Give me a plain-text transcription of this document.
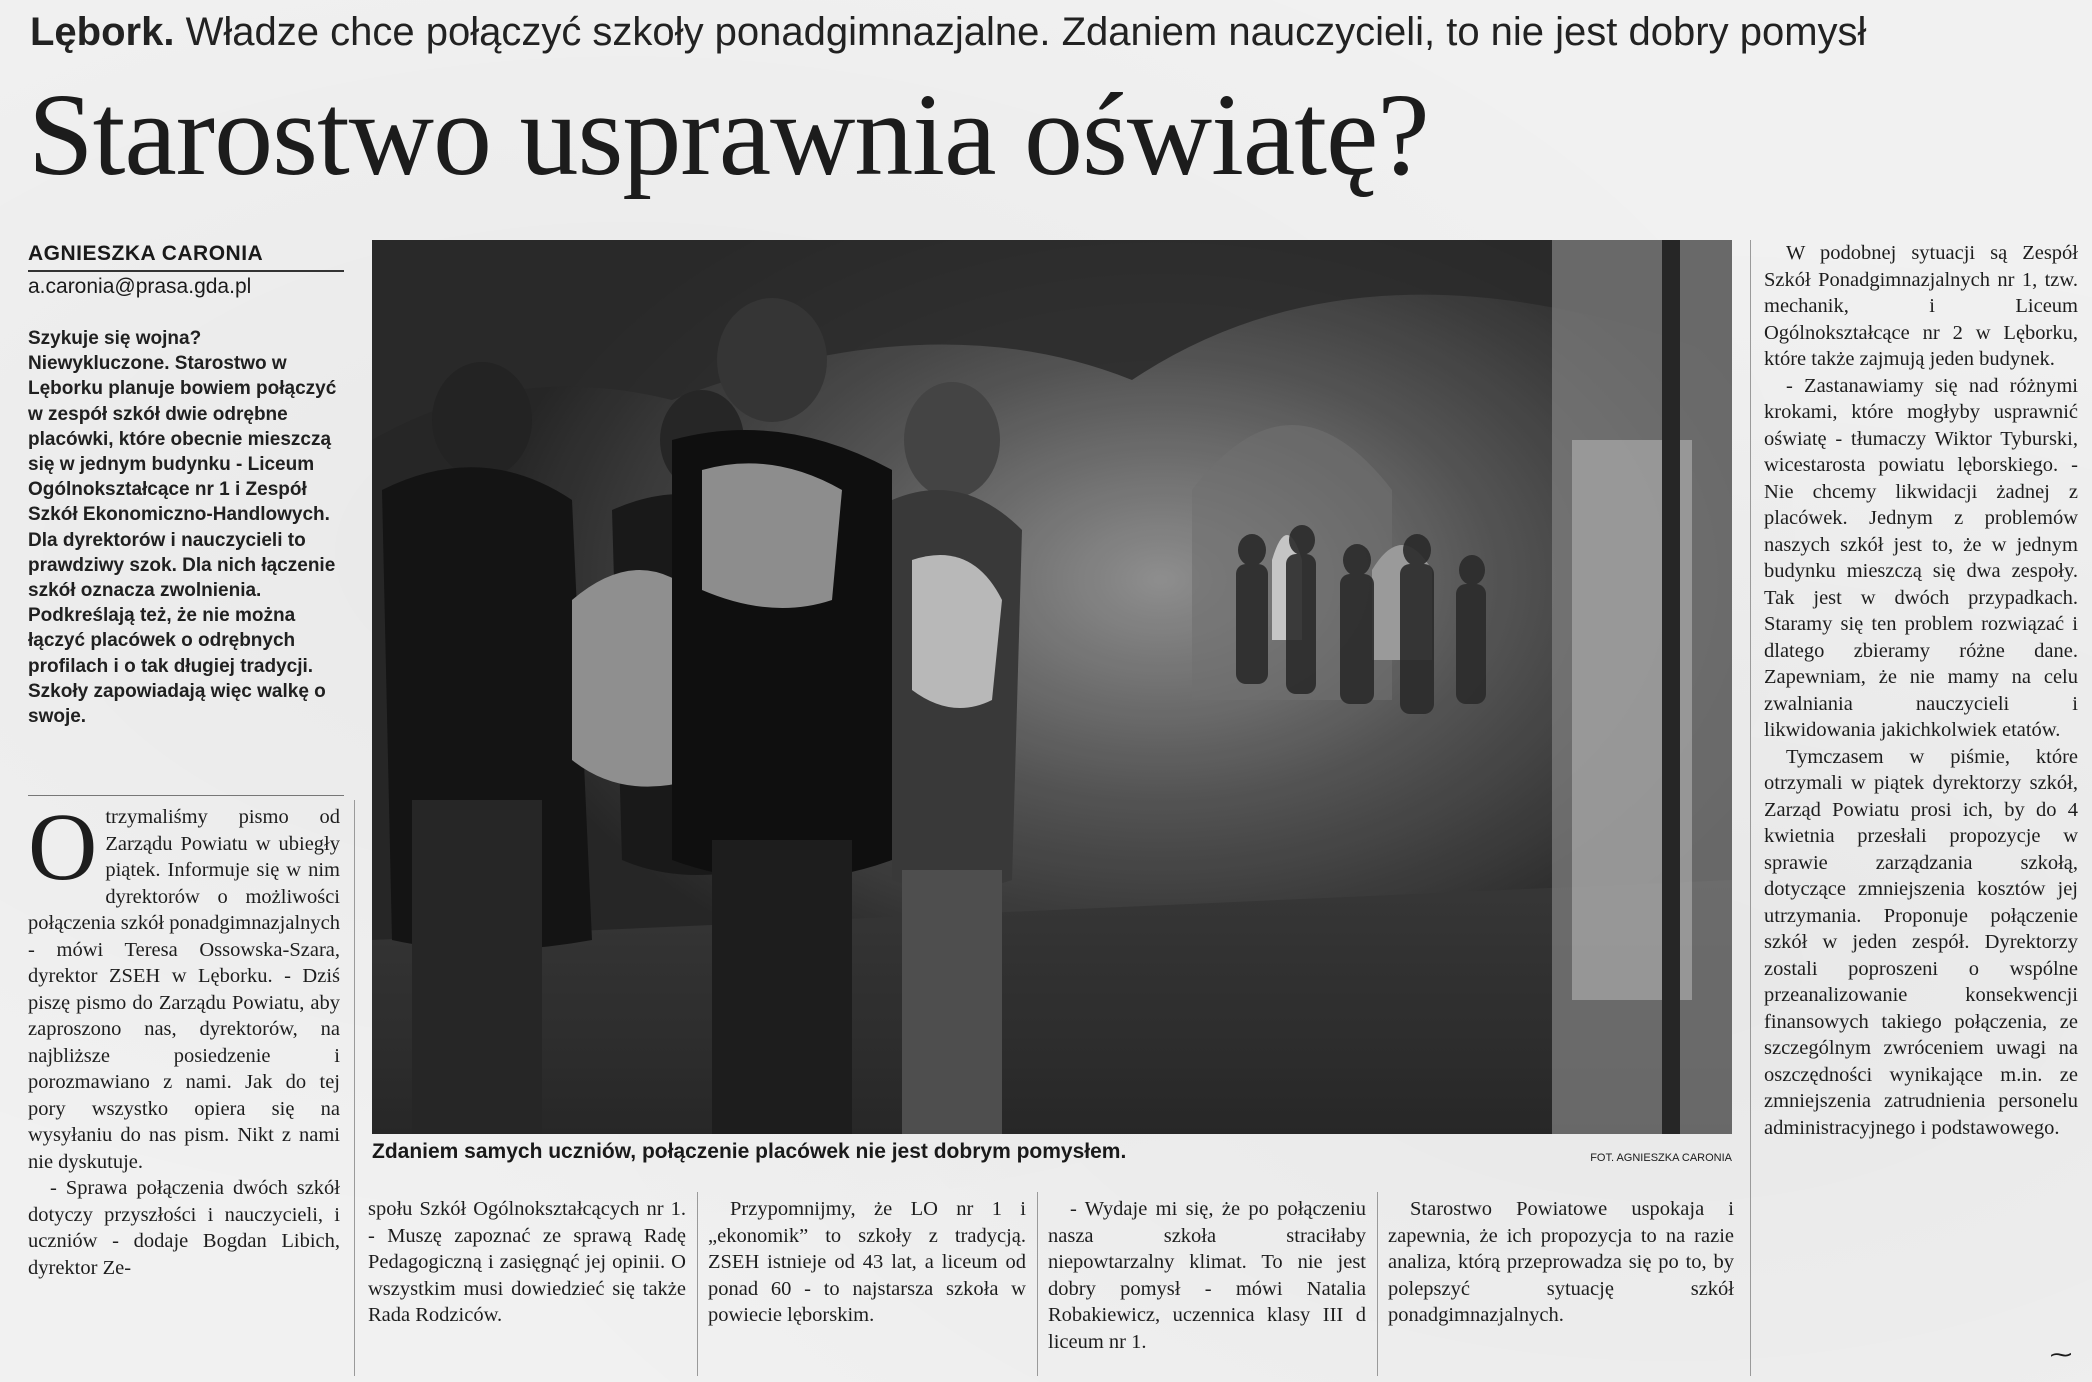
Lębork. Władze chce połączyć szkoły ponadgimnazjalne. Zdaniem nauczycieli, to nie jest dobry pomysł
Starostwo usprawnia oświatę?

AGNIESZKA CARONIA
a.caronia@prasa.gda.pl
Szykuje się wojna? Niewykluczone. Starostwo w Lęborku planuje bowiem połączyć w zespół szkół dwie odrębne placówki, które obecnie mieszczą się w jednym budynku - Liceum Ogólnokształcące nr 1 i Zespół Szkół Ekonomiczno-Handlowych. Dla dyrektorów i nauczycieli to prawdziwy szok. Dla nich łączenie szkół oznacza zwolnienia. Podkreślają też, że nie można łączyć placówek o odrębnych profilach i o tak długiej tradycji. Szkoły zapowiadają więc walkę o swoje.
O trzymaliśmy pismo od Zarządu Powiatu w ubiegły piątek. Informuje się w nim dyrektorów o możliwości połączenia szkół ponadgimnazjalnych - mówi Teresa Ossowska-Szara, dyrektor ZSEH w Lęborku. - Dziś piszę pismo do Zarządu Powiatu, aby zaproszono nas, dyrektorów, na najbliższe posiedzenie i porozmawiano z nami. Jak do tej pory wszystko opiera się na wysyłaniu do nas pism. Nikt z nami nie dyskutuje.

- Sprawa połączenia dwóch szkół dotyczy przyszłości i nauczycieli, i uczniów - dodaje Bogdan Libich, dyrektor Ze-

Zdaniem samych uczniów, połączenie placówek nie jest dobrym pomysłem.	FOT. AGNIESZKA CARONIA

społu Szkół Ogólnokształcących nr 1. - Muszę zapoznać ze sprawą Radę Pedagogiczną i zasięgnąć jej opinii. O wszystkim musi dowiedzieć się także Rada Rodziców.

Przypomnijmy, że LO nr 1 i „ekonomik” to szkoły z tradycją. ZSEH istnieje od 43 lat, a liceum od ponad 60 - to najstarsza szkoła w powiecie lęborskim.

- Wydaje mi się, że po połączeniu nasza szkoła straciłaby niepowtarzalny klimat. To nie jest dobry pomysł - mówi Natalia Robakiewicz, uczennica klasy III d liceum nr 1.

Starostwo Powiatowe uspokaja i zapewnia, że ich propozycja to na razie analiza, którą przeprowadza się po to, by polepszyć sytuację szkół ponadgimnazjalnych.

W podobnej sytuacji są Zespół Szkół Ponadgimnazjalnych nr 1, tzw. mechanik, i Liceum Ogólnokształcące nr 2 w Lęborku, które także zajmują jeden budynek.

- Zastanawiamy się nad różnymi krokami, które mogłyby usprawnić oświatę - tłumaczy Wiktor Tyburski, wicestarosta powiatu lęborskiego. - Nie chcemy likwidacji żadnej z placówek. Jednym z problemów naszych szkół jest to, że w jednym budynku mieszczą się dwa zespoły. Tak jest w dwóch przypadkach. Staramy się ten problem rozwiązać i dlatego zbieramy różne dane. Zapewniam, że nie mamy na celu zwalniania nauczycieli i likwidowania jakichkolwiek etatów.

Tymczasem w piśmie, które otrzymali w piątek dyrektorzy szkół, Zarząd Powiatu prosi ich, by do 4 kwietnia przesłali propozycje w sprawie zarządzania szkołą, dotyczące zmniejszenia kosztów jej utrzymania. Proponuje połączenie szkół w jeden zespół. Dyrektorzy zostali poproszeni o wspólne przeanalizowanie konsekwencji finansowych takiego połączenia, ze szczególnym zwróceniem uwagi na oszczędności wynikające m.in. ze zmniejszenia zatrudnienia personelu administracyjnego i podstawowego.

⁓
